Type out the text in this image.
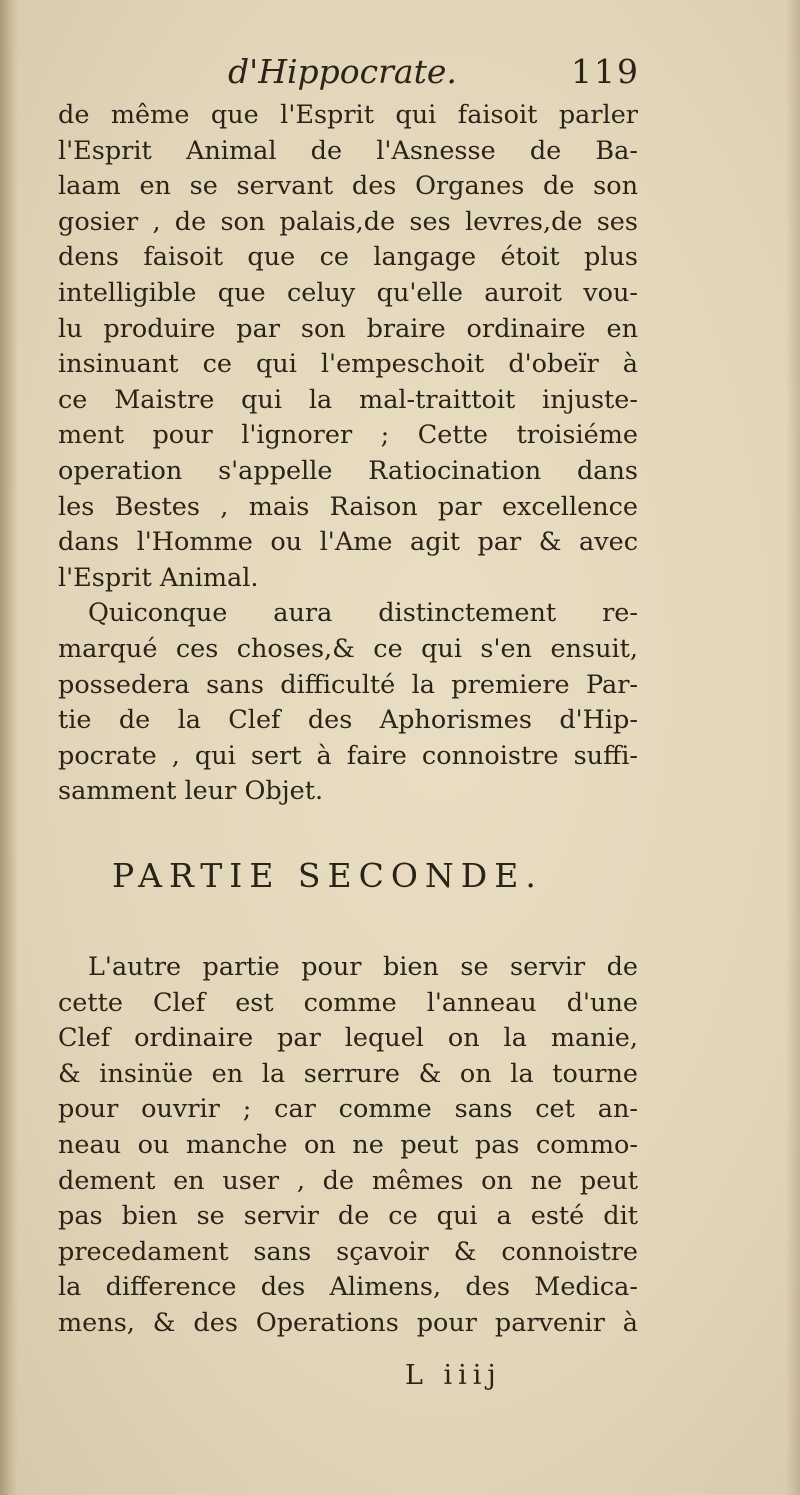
d'Hippocrate.	119
de même que l'Esprit qui faisoit parler
l'Esprit Animal de l'Asnesse de Ba-
laam en se servant des Organes de son
gosier , de son palais,de ses levres,de ses
dens faisoit que ce langage étoit plus
intelligible que celuy qu'elle auroit vou-
lu produire par son braire ordinaire en
insinuant ce qui l'empeschoit d'obeïr à
ce Maistre qui la mal-traittoit injuste-
ment pour l'ignorer ; Cette troisiéme
operation s'appelle Ratiocination dans
les Bestes , mais Raison par excellence
dans l'Homme ou l'Ame agit par & avec
l'Esprit Animal.
Quiconque aura distinctement re-
marqué ces choses,& ce qui s'en ensuit,
possedera sans difficulté la premiere Par-
tie de la Clef des Aphorismes d'Hip-
pocrate , qui sert à faire connoistre suffi-
samment leur Objet.
PARTIE SECONDE.
L'autre partie pour bien se servir de
cette Clef est comme l'anneau d'une
Clef ordinaire par lequel on la manie,
& insinüe en la serrure & on la tourne
pour ouvrir ; car comme sans cet an-
neau ou manche on ne peut pas commo-
dement en user , de mêmes on ne peut
pas bien se servir de ce qui a esté dit
precedament sans sçavoir & connoistre
la difference des Alimens, des Medica-
mens, & des Operations pour parvenir à
L iiij
